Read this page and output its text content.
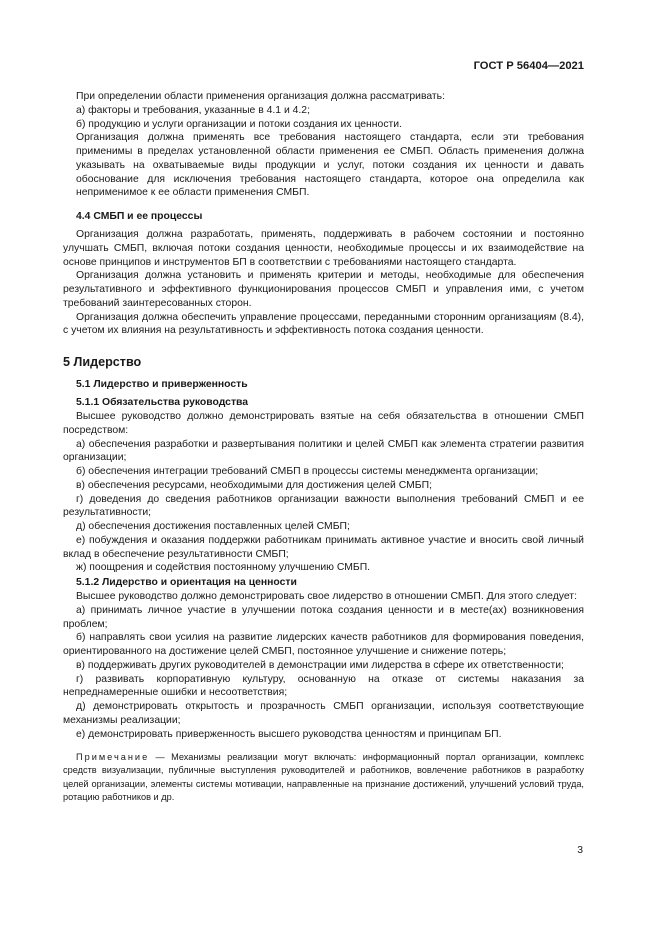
ГОСТ Р 56404—2021

При определении области применения организация должна рассматривать:

а) факторы и требования, указанные в 4.1 и 4.2;

б) продукцию и услуги организации и потоки создания их ценности.

Организация должна применять все требования настоящего стандарта, если эти требования применимы в пределах установленной области применения ее СМБП. Область применения должна указывать на охватываемые виды продукции и услуг, потоки создания их ценности и давать обоснование для исключения требования настоящего стандарта, которое она определила как неприменимое к ее области применения СМБП.

4.4 СМБП и ее процессы

Организация должна разработать, применять, поддерживать в рабочем состоянии и постоянно улучшать СМБП, включая потоки создания ценности, необходимые процессы и их взаимодействие на основе принципов и инструментов БП в соответствии с требованиями настоящего стандарта.

Организация должна установить и применять критерии и методы, необходимые для обеспечения результативного и эффективного функционирования процессов СМБП и управления ими, с учетом требований заинтересованных сторон.

Организация должна обеспечить управление процессами, переданными сторонним организациям (8.4), с учетом их влияния на результативность и эффективность потока создания ценности.

5 Лидерство
5.1 Лидерство и приверженность
5.1.1 Обязательства руководства

Высшее руководство должно демонстрировать взятые на себя обязательства в отношении СМБП посредством:

а) обеспечения разработки и развертывания политики и целей СМБП как элемента стратегии развития организации;

б) обеспечения интеграции требований СМБП в процессы системы менеджмента организации;

в) обеспечения ресурсами, необходимыми для достижения целей СМБП;

г) доведения до сведения работников организации важности выполнения требований СМБП и ее результативности;

д) обеспечения достижения поставленных целей СМБП;

е) побуждения и оказания поддержки работникам принимать активное участие и вносить свой личный вклад в обеспечение результативности СМБП;

ж) поощрения и содействия постоянному улучшению СМБП.

5.1.2 Лидерство и ориентация на ценности

Высшее руководство должно демонстрировать свое лидерство в отношении СМБП. Для этого следует:

а) принимать личное участие в улучшении потока создания ценности и в месте(ах) возникновения проблем;

б) направлять свои усилия на развитие лидерских качеств работников для формирования поведения, ориентированного на достижение целей СМБП, постоянное улучшение и снижение потерь;

в) поддерживать других руководителей в демонстрации ими лидерства в сфере их ответственности;

г) развивать корпоративную культуру, основанную на отказе от системы наказания за непреднамеренные ошибки и несоответствия;

д) демонстрировать открытость и прозрачность СМБП организации, используя соответствующие механизмы реализации;

е) демонстрировать приверженность высшего руководства ценностям и принципам БП.

Примечание — Механизмы реализации могут включать: информационный портал организации, комплекс средств визуализации, публичные выступления руководителей и работников, вовлечение работников в разработку целей организации, элементы системы мотивации, направленные на признание достижений, улучшений условий труда, ротацию работников и др.

3
